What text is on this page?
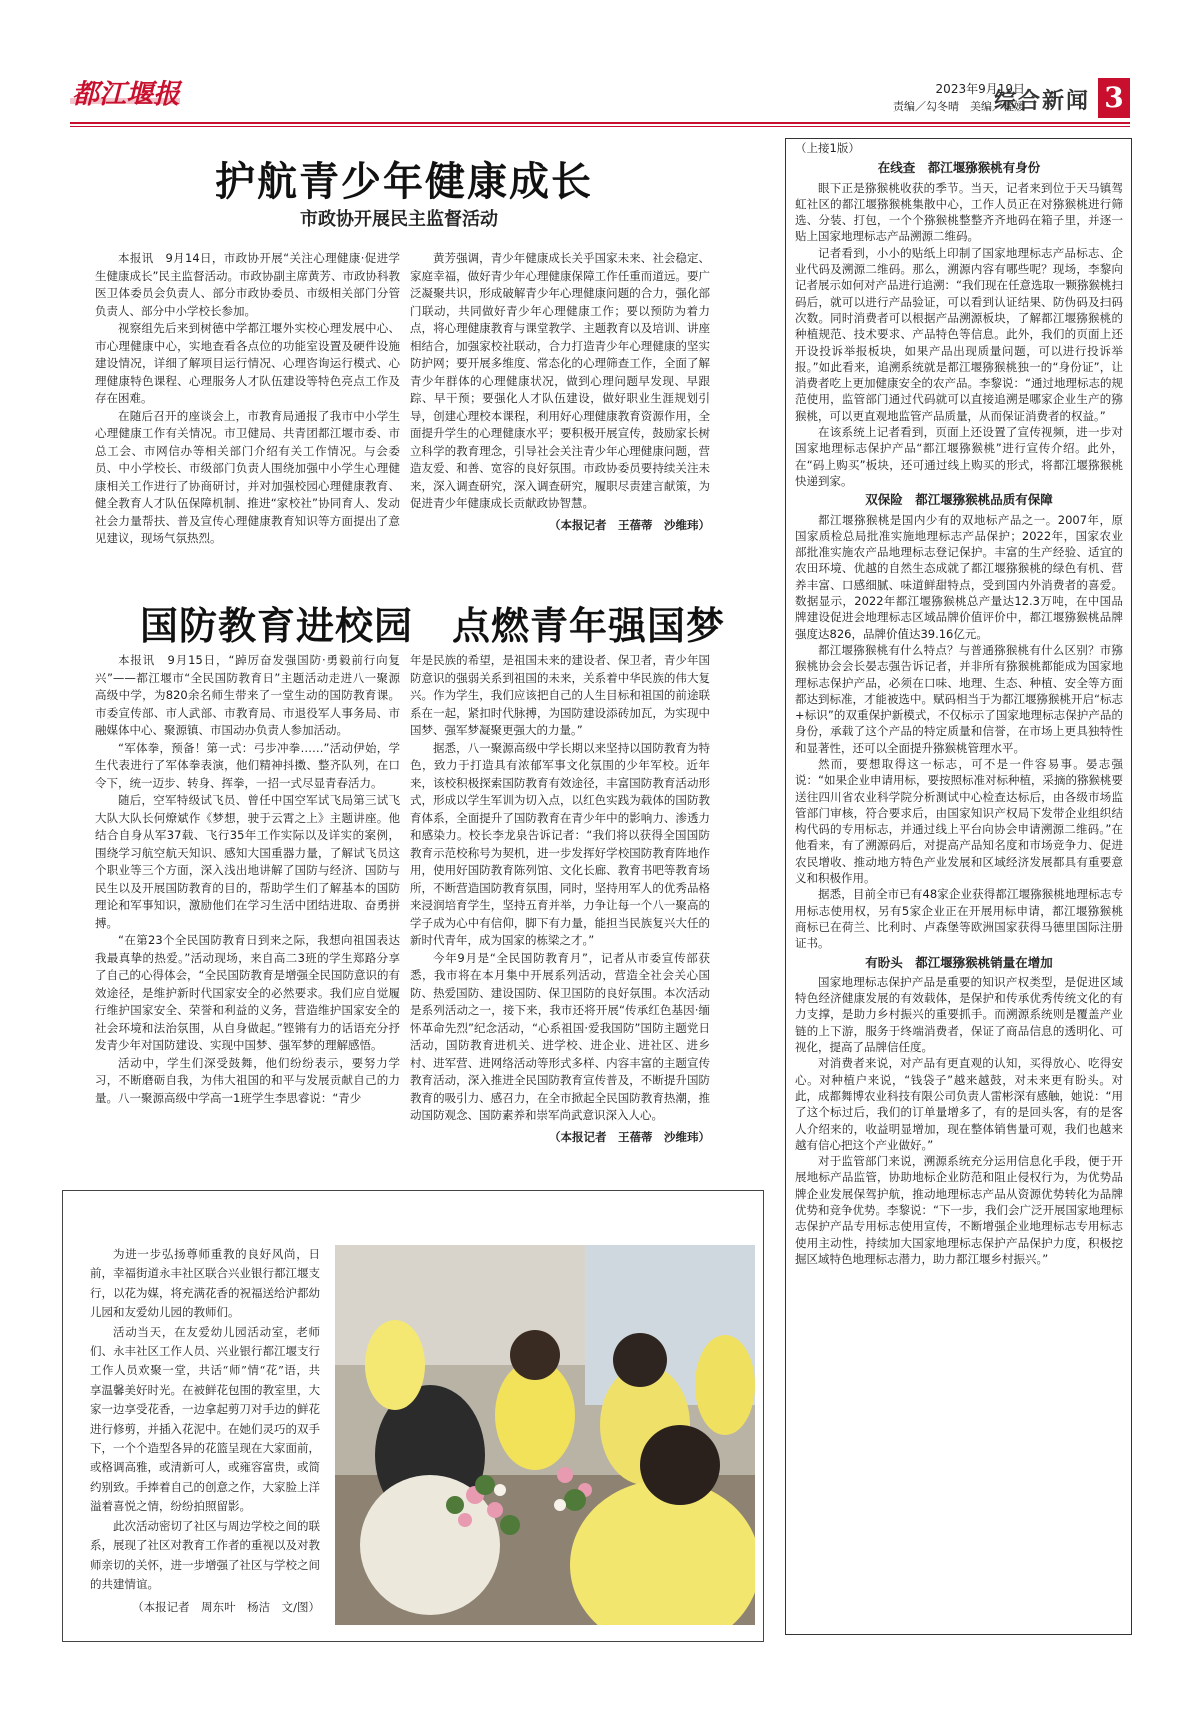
都江堰报	2023年9月19日
责编／勾冬晴　美编／程媛
综合新闻 3
护航青少年健康成长
市政协开展民主监督活动

本报讯　9月14日，市政协开展“关注心理健康·促进学生健康成长”民主监督活动。市政协副主席黄芳、市政协科教医卫体委员会负责人、部分市政协委员、市级相关部门分管负责人、部分中小学校长参加。

视察组先后来到树德中学都江堰外实校心理发展中心、市心理健康中心，实地查看各点位的功能室设置及硬件设施建设情况，详细了解项目运行情况、心理咨询运行模式、心理健康特色课程、心理服务人才队伍建设等特色亮点工作及存在困难。

在随后召开的座谈会上，市教育局通报了我市中小学生心理健康工作有关情况。市卫健局、共青团都江堰市委、市总工会、市网信办等相关部门介绍有关工作情况。与会委员、中小学校长、市级部门负责人围绕加强中小学生心理健康相关工作进行了协商研讨，并对加强校园心理健康教育、健全教育人才队伍保障机制、推进“家校社”协同育人、发动社会力量帮扶、普及宣传心理健康教育知识等方面提出了意见建议，现场气氛热烈。

黄芳强调，青少年健康成长关乎国家未来、社会稳定、家庭幸福，做好青少年心理健康保障工作任重而道远。要广泛凝聚共识，形成破解青少年心理健康问题的合力，强化部门联动，共同做好青少年心理健康工作；要以预防为着力点，将心理健康教育与课堂教学、主题教育以及培训、讲座相结合，加强家校社联动，合力打造青少年心理健康的坚实防护网；要开展多维度、常态化的心理筛查工作，全面了解青少年群体的心理健康状况，做到心理问题早发现、早跟踪、早干预；要强化人才队伍建设，做好职业生涯规划引导，创建心理校本课程，利用好心理健康教育资源作用，全面提升学生的心理健康水平；要积极开展宣传，鼓励家长树立科学的教育理念，引导社会关注青少年心理健康问题，营造友爱、和善、宽容的良好氛围。市政协委员要持续关注未来，深入调查研究，深入调查研究，履职尽责建言献策，为促进青少年健康成长贡献政协智慧。

（本报记者　王蓓蒂　沙维玮）
国防教育进校园　点燃青年强国梦

本报讯　9月15日，“踔厉奋发强国防·勇毅前行向复兴”——都江堰市“全民国防教育日”主题活动走进八一聚源高级中学，为820余名师生带来了一堂生动的国防教育课。市委宣传部、市人武部、市教育局、市退役军人事务局、市融媒体中心、聚源镇、市国动办负责人参加活动。

“军体拳，预备！第一式：弓步冲拳……”活动伊始，学生代表进行了军体拳表演，他们精神抖擞、整齐队列，在口令下，统一迈步、转身、挥拳，一招一式尽显青春活力。

随后，空军特级试飞员、曾任中国空军试飞局第三试飞大队大队长何燎斌作《梦想，驶于云霄之上》主题讲座。他结合自身从军37载、飞行35年工作实际以及详实的案例，围绕学习航空航天知识、感知大国重器力量，了解试飞员这个职业等三个方面，深入浅出地讲解了国防与经济、国防与民生以及开展国防教育的目的，帮助学生们了解基本的国防理论和军事知识，激励他们在学习生活中团结进取、奋勇拼搏。

“在第23个全民国防教育日到来之际，我想向祖国表达我最真挚的热爱。”活动现场，来自高二3班的学生郑路分享了自己的心得体会，“全民国防教育是增强全民国防意识的有效途径，是维护新时代国家安全的必然要求。我们应自觉履行维护国家安全、荣誉和利益的义务，营造维护国家安全的社会环境和法治氛围，从自身做起。”铿锵有力的话语充分抒发青少年对国防建设、实现中国梦、强军梦的理解感悟。

活动中，学生们深受鼓舞，他们纷纷表示，要努力学习，不断磨砺自我，为伟大祖国的和平与发展贡献自己的力量。八一聚源高级中学高一1班学生李思睿说：“青少

年是民族的希望，是祖国未来的建设者、保卫者，青少年国防意识的强弱关系到祖国的未来，关系着中华民族的伟大复兴。作为学生，我们应该把自己的人生目标和祖国的前途联系在一起，紧扣时代脉搏，为国防建设添砖加瓦，为实现中国梦、强军梦凝聚更强大的力量。”

据悉，八一聚源高级中学长期以来坚持以国防教育为特色，致力于打造具有浓郁军事文化氛围的少年军校。近年来，该校积极探索国防教育有效途径，丰富国防教育活动形式，形成以学生军训为切入点，以红色实践为载体的国防教育体系，全面提升了国防教育在青少年中的影响力、渗透力和感染力。校长李龙泉告诉记者：“我们将以获得全国国防教育示范校称号为契机，进一步发挥好学校国防教育阵地作用，使用好国防教育陈列馆、文化长廊、教育书吧等教育场所，不断营造国防教育氛围，同时，坚持用军人的优秀品格来浸润培育学生，坚持五育并举，力争让每一个八一聚高的学子成为心中有信仰，脚下有力量，能担当民族复兴大任的新时代青年，成为国家的栋梁之才。”

今年9月是“全民国防教育月”，记者从市委宣传部获悉，我市将在本月集中开展系列活动，营造全社会关心国防、热爱国防、建设国防、保卫国防的良好氛围。本次活动是系列活动之一，接下来，我市还将开展“传承红色基因·缅怀革命先烈”纪念活动，“心系祖国·爱我国防”国防主题党日活动，国防教育进机关、进学校、进企业、进社区、进乡村、进军营、进网络活动等形式多样、内容丰富的主题宣传教育活动，深入推进全民国防教育宣传普及，不断提升国防教育的吸引力、感召力，在全市掀起全民国防教育热潮，推动国防观念、国防素养和崇军尚武意识深入人心。

（本报记者　王蓓蒂　沙维玮）
（上接1版）
在线查　都江堰猕猴桃有身份

眼下正是猕猴桃收获的季节。当天，记者来到位于天马镇驾虹社区的都江堰猕猴桃集散中心，工作人员正在对猕猴桃进行筛选、分装、打包，一个个猕猴桃整整齐齐地码在箱子里，并逐一贴上国家地理标志产品溯源二维码。

记者看到，小小的贴纸上印制了国家地理标志产品标志、企业代码及溯源二维码。那么，溯源内容有哪些呢？现场，李黎向记者展示如何对产品进行追溯：“我们现在任意选取一颗猕猴桃扫码后，就可以进行产品验证，可以看到认证结果、防伪码及扫码次数。同时消费者可以根据产品溯源板块，了解都江堰猕猴桃的种植规范、技术要求、产品特色等信息。此外，我们的页面上还开设投诉举报板块，如果产品出现质量问题，可以进行投诉举报。”如此看来，追溯系统就是都江堰猕猴桃独一的“身份证”，让消费者吃上更加健康安全的农产品。李黎说：“通过地理标志的规范使用，监管部门通过代码就可以直接追溯是哪家企业生产的猕猴桃，可以更直观地监管产品质量，从而保证消费者的权益。”

在该系统上记者看到，页面上还设置了宣传视频，进一步对国家地理标志保护产品“都江堰猕猴桃”进行宣传介绍。此外，在“码上购买”板块，还可通过线上购买的形式，将都江堰猕猴桃快递到家。

双保险　都江堰猕猴桃品质有保障

都江堰猕猴桃是国内少有的双地标产品之一。2007年，原国家质检总局批准实施地理标志产品保护；2022年，国家农业部批准实施农产品地理标志登记保护。丰富的生产经验、适宜的农田环境、优越的自然生态成就了都江堰猕猴桃的绿色有机、营养丰富、口感细腻、味道鲜甜特点，受到国内外消费者的喜爱。数据显示，2022年都江堰猕猴桃总产量达12.3万吨，在中国品牌建设促进会地理标志区域品牌价值评价中，都江堰猕猴桃品牌强度达826，品牌价值达39.16亿元。

都江堰猕猴桃有什么特点？与普通猕猴桃有什么区别？市猕猴桃协会会长晏志强告诉记者，并非所有猕猴桃都能成为国家地理标志保护产品，必须在口味、地理、生态、种植、安全等方面都达到标准，才能被选中。赋码相当于为都江堰猕猴桃开启“标志+标识”的双重保护新模式，不仅标示了国家地理标志保护产品的身份，承载了这个产品的特定质量和信誉，在市场上更具独特性和显著性，还可以全面提升猕猴桃管理水平。

然而，要想取得这一标志，可不是一件容易事。晏志强说：“如果企业申请用标，要按照标准对标种植，采摘的猕猴桃要送往四川省农业科学院分析测试中心检查达标后，由各级市场监管部门审核，符合要求后，由国家知识产权局下发带企业组织结构代码的专用标志，并通过线上平台向协会申请溯源二维码。”在他看来，有了溯源码后，对提高产品知名度和市场竞争力、促进农民增收、推动地方特色产业发展和区域经济发展都具有重要意义和积极作用。

据悉，目前全市已有48家企业获得都江堰猕猴桃地理标志专用标志使用权，另有5家企业正在开展用标申请，都江堰猕猴桃商标已在荷兰、比利时、卢森堡等欧洲国家获得马德里国际注册证书。

有盼头　都江堰猕猴桃销量在增加

国家地理标志保护产品是重要的知识产权类型，是促进区域特色经济健康发展的有效载体，是保护和传承优秀传统文化的有力支撑，是助力乡村振兴的重要抓手。而溯源系统则是覆盖产业链的上下游，服务于终端消费者，保证了商品信息的透明化、可视化，提高了品牌信任度。

对消费者来说，对产品有更直观的认知，买得放心、吃得安心。对种植户来说，“钱袋子”越来越鼓，对未来更有盼头。对此，成都舞博农业科技有限公司负责人雷彬深有感触，她说：“用了这个标过后，我们的订单量增多了，有的是回头客，有的是客人介绍来的，收益明显增加，现在整体销售量可观，我们也越来越有信心把这个产业做好。”

对于监管部门来说，溯源系统充分运用信息化手段，便于开展地标产品监管，协助地标企业防范和阻止侵权行为，为优势品牌企业发展保驾护航，推动地理标志产品从资源优势转化为品牌优势和竞争优势。李黎说：“下一步，我们会广泛开展国家地理标志保护产品专用标志使用宣传，不断增强企业地理标志专用标志使用主动性，持续加大国家地理标志保护产品保护力度，积极挖掘区域特色地理标志潜力，助力都江堰乡村振兴。”

为进一步弘扬尊师重教的良好风尚，日前，幸福街道永丰社区联合兴业银行都江堰支行，以花为媒，将充满花香的祝福送给沪都幼儿园和友爱幼儿园的教师们。

活动当天，在友爱幼儿园活动室，老师们、永丰社区工作人员、兴业银行都江堰支行工作人员欢聚一堂，共话“师”情“花”语，共享温馨美好时光。在被鲜花包围的教室里，大家一边享受花香，一边拿起剪刀对手边的鲜花进行修剪，并插入花泥中。在她们灵巧的双手下，一个个造型各异的花篮呈现在大家面前，或格调高雅，或清新可人，或雍容富贵，或简约别致。手捧着自己的创意之作，大家脸上洋溢着喜悦之情，纷纷拍照留影。

此次活动密切了社区与周边学校之间的联系，展现了社区对教育工作者的重视以及对教师亲切的关怀，进一步增强了社区与学校之间的共建情谊。

（本报记者　周东叶　杨洁　文/图）
